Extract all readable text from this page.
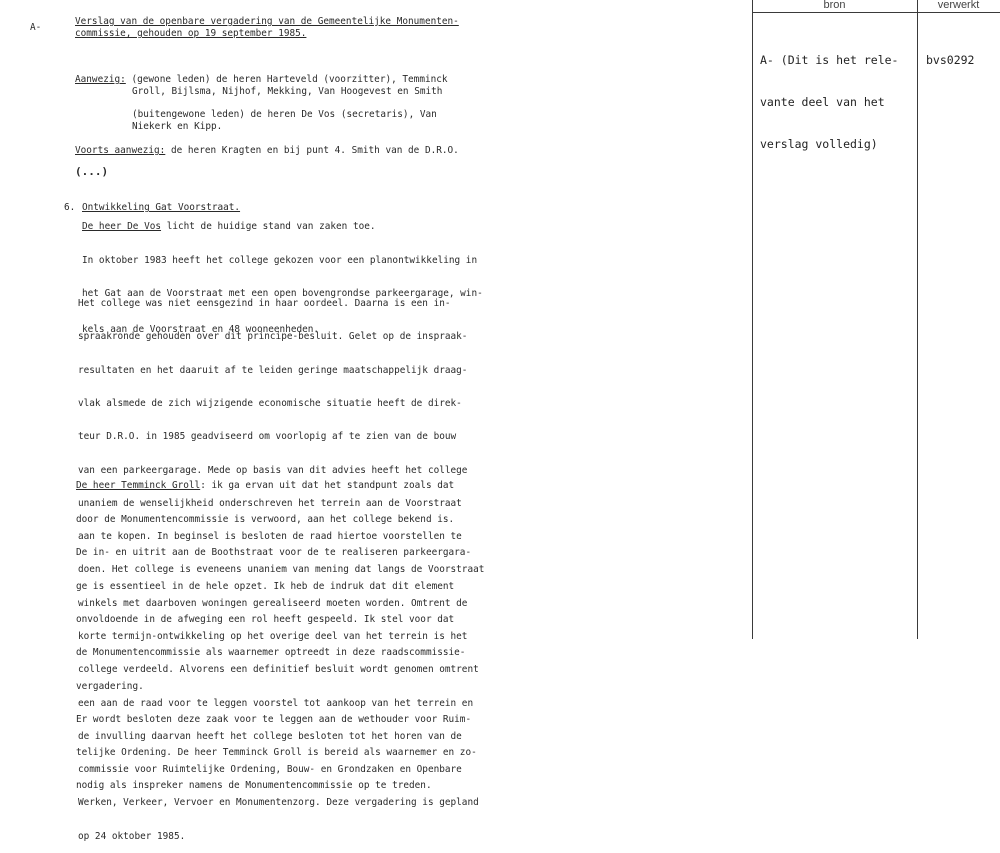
bron	verwerkt

A- (Dit is het rele-

vante deel van het

verslag volledig)

bvs0292
A-
Verslag van de openbare vergadering van de Gemeentelijke Monumenten-
commissie, gehouden op 19 september 1985.
Aanwezig: (gewone leden) de heren Harteveld (voorzitter), Temminck
Groll, Bijlsma, Nijhof, Mekking, Van Hoogevest en Smith
(buitengewone leden) de heren De Vos (secretaris), Van
Niekerk en Kipp.
Voorts aanwezig: de heren Kragten en bij punt 4. Smith van de D.R.O.
(...)
6. Ontwikkeling Gat Voorstraat.
De heer De Vos licht de huidige stand van zaken toe.

In oktober 1983 heeft het college gekozen voor een planontwikkeling in

het Gat aan de Voorstraat met een open bovengrondse parkeergarage, win-

kels aan de Voorstraat en 48 wooneenheden.

Het college was niet eensgezind in haar oordeel. Daarna is een in-

spraakronde gehouden over dit principe-besluit. Gelet op de inspraak-

resultaten en het daaruit af te leiden geringe maatschappelijk draag-

vlak alsmede de zich wijzigende economische situatie heeft de direk-

teur D.R.O. in 1985 geadviseerd om voorlopig af te zien van de bouw

van een parkeergarage. Mede op basis van dit advies heeft het college

unaniem de wenselijkheid onderschreven het terrein aan de Voorstraat

aan te kopen. In beginsel is besloten de raad hiertoe voorstellen te

doen. Het college is eveneens unaniem van mening dat langs de Voorstraat

winkels met daarboven woningen gerealiseerd moeten worden. Omtrent de

korte termijn-ontwikkeling op het overige deel van het terrein is het

college verdeeld. Alvorens een definitief besluit wordt genomen omtrent

een aan de raad voor te leggen voorstel tot aankoop van het terrein en

de invulling daarvan heeft het college besloten tot het horen van de

commissie voor Ruimtelijke Ordening, Bouw- en Grondzaken en Openbare

Werken, Verkeer, Vervoer en Monumentenzorg. Deze vergadering is gepland

op 24 oktober 1985.

De heer Temminck Groll: ik ga ervan uit dat het standpunt zoals dat

door de Monumentencommissie is verwoord, aan het college bekend is.

De in- en uitrit aan de Boothstraat voor de te realiseren parkeergara-

ge is essentieel in de hele opzet. Ik heb de indruk dat dit element

onvoldoende in de afweging een rol heeft gespeeld. Ik stel voor dat

de Monumentencommissie als waarnemer optreedt in deze raadscommissie-

vergadering.

Er wordt besloten deze zaak voor te leggen aan de wethouder voor Ruim-

telijke Ordening. De heer Temminck Groll is bereid als waarnemer en zo-

nodig als inspreker namens de Monumentencommissie op te treden.
